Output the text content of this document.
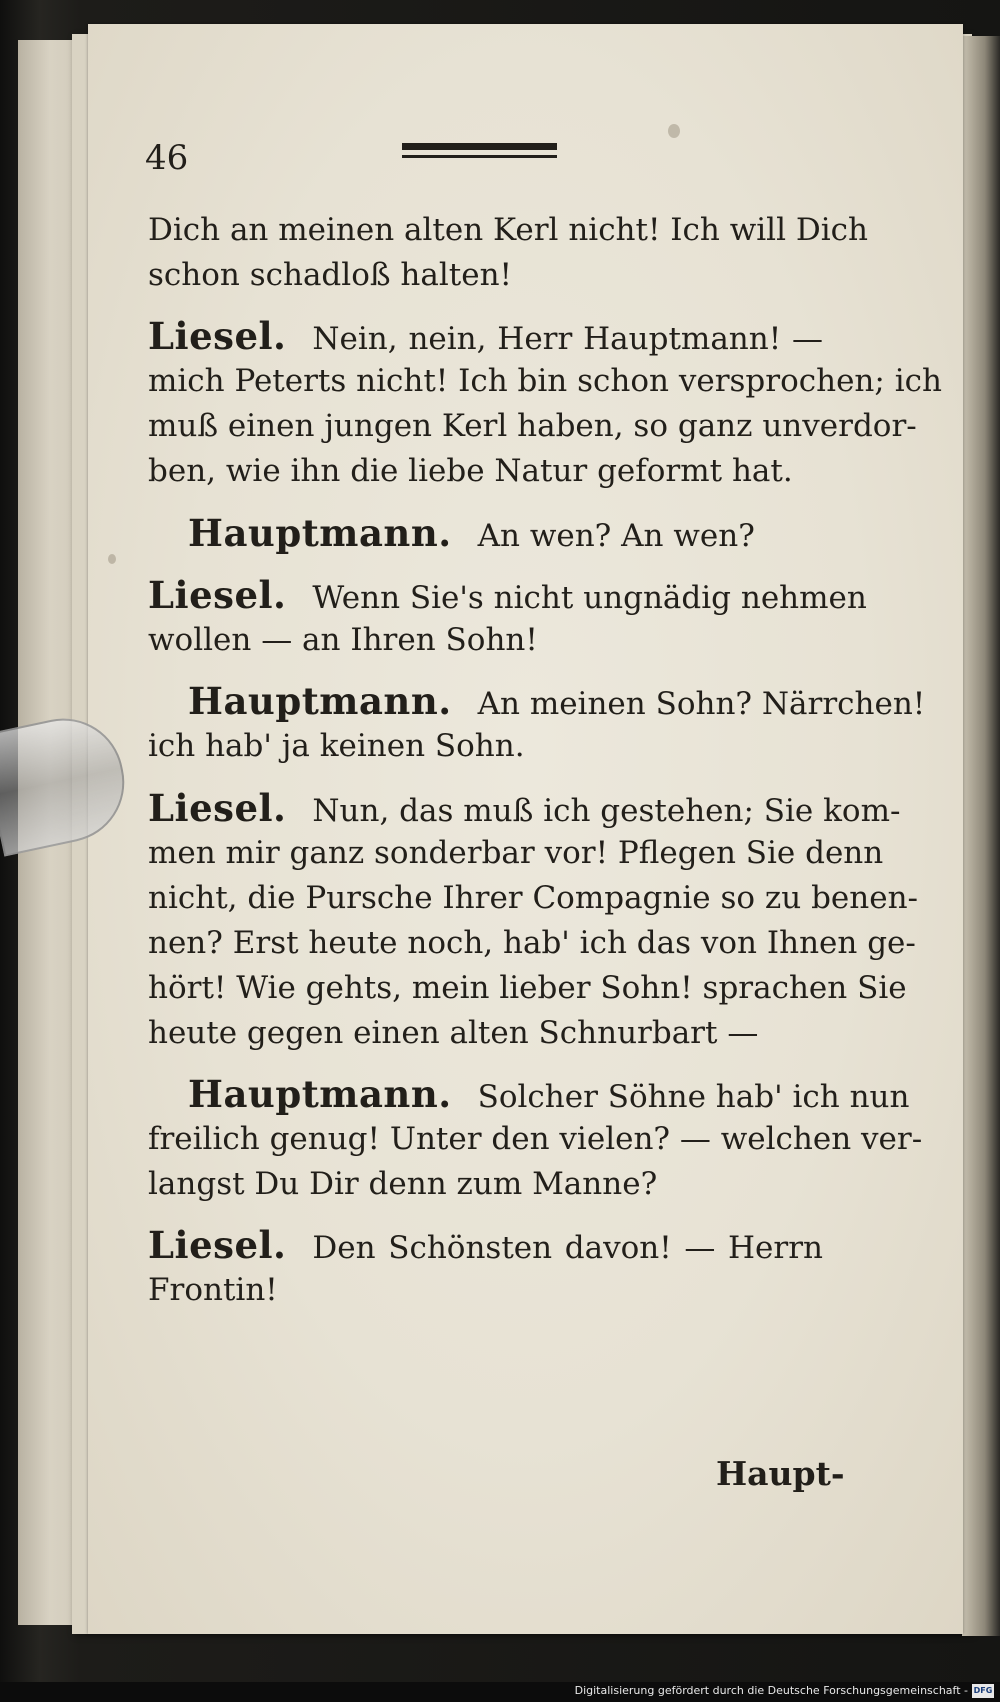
46
Dich an meinen alten Kerl nicht! Ich will Dich
schon schadloß halten!
Liesel. Nein, nein, Herr Hauptmann! —
mich Peterts nicht! Ich bin schon versprochen; ich
muß einen jungen Kerl haben, so ganz unverdor-
ben, wie ihn die liebe Natur geformt hat.
Hauptmann. An wen? An wen?
Liesel. Wenn Sie's nicht ungnädig nehmen
wollen — an Ihren Sohn!
Hauptmann. An meinen Sohn? Närrchen!
ich hab' ja keinen Sohn.
Liesel. Nun, das muß ich gestehen; Sie kom-
men mir ganz sonderbar vor! Pflegen Sie denn
nicht, die Pursche Ihrer Compagnie so zu benen-
nen? Erst heute noch, hab' ich das von Ihnen ge-
hört! Wie gehts, mein lieber Sohn! sprachen Sie
heute gegen einen alten Schnurbart —
Hauptmann. Solcher Söhne hab' ich nun
freilich genug! Unter den vielen? — welchen ver-
langst Du Dir denn zum Manne?
Liesel. Den Schönsten davon! — Herrn
Frontin!
Haupt-
Digitalisierung gefördert durch die Deutsche Forschungsgemeinschaft - DFG
